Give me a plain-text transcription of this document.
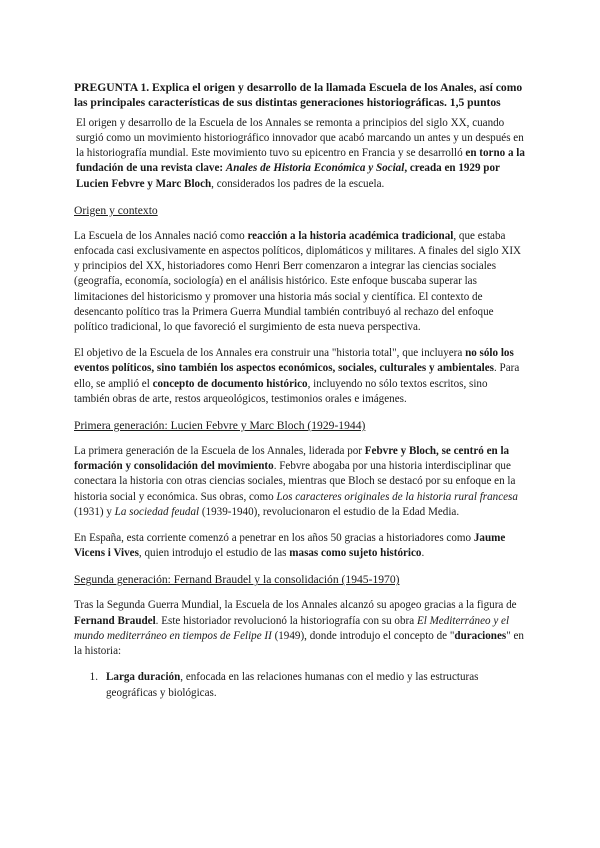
PREGUNTA 1. Explica el origen y desarrollo de la llamada Escuela de los Anales, así como las principales características de sus distintas generaciones historiográficas. 1,5 puntos

El origen y desarrollo de la Escuela de los Annales se remonta a principios del siglo XX, cuando surgió como un movimiento historiográfico innovador que acabó marcando un antes y un después en la historiografía mundial. Este movimiento tuvo su epicentro en Francia y se desarrolló en torno a la fundación de una revista clave: Anales de Historia Económica y Social, creada en 1929 por Lucien Febvre y Marc Bloch, considerados los padres de la escuela.

Origen y contexto

La Escuela de los Annales nació como reacción a la historia académica tradicional, que estaba enfocada casi exclusivamente en aspectos políticos, diplomáticos y militares. A finales del siglo XIX y principios del XX, historiadores como Henri Berr comenzaron a integrar las ciencias sociales (geografía, economía, sociología) en el análisis histórico. Este enfoque buscaba superar las limitaciones del historicismo y promover una historia más social y científica. El contexto de desencanto político tras la Primera Guerra Mundial también contribuyó al rechazo del enfoque político tradicional, lo que favoreció el surgimiento de esta nueva perspectiva.

El objetivo de la Escuela de los Annales era construir una "historia total", que incluyera no sólo los eventos políticos, sino también los aspectos económicos, sociales, culturales y ambientales. Para ello, se amplió el concepto de documento histórico, incluyendo no sólo textos escritos, sino también obras de arte, restos arqueológicos, testimonios orales e imágenes.

Primera generación: Lucien Febvre y Marc Bloch (1929-1944)

La primera generación de la Escuela de los Annales, liderada por Febvre y Bloch, se centró en la formación y consolidación del movimiento. Febvre abogaba por una historia interdisciplinar que conectara la historia con otras ciencias sociales, mientras que Bloch se destacó por su enfoque en la historia social y económica. Sus obras, como Los caracteres originales de la historia rural francesa (1931) y La sociedad feudal (1939-1940), revolucionaron el estudio de la Edad Media.

En España, esta corriente comenzó a penetrar en los años 50 gracias a historiadores como Jaume Vicens i Vives, quien introdujo el estudio de las masas como sujeto histórico.

Segunda generación: Fernand Braudel y la consolidación (1945-1970)

Tras la Segunda Guerra Mundial, la Escuela de los Annales alcanzó su apogeo gracias a la figura de Fernand Braudel. Este historiador revolucionó la historiografía con su obra El Mediterráneo y el mundo mediterráneo en tiempos de Felipe II (1949), donde introdujo el concepto de "duraciones" en la historia:

1. Larga duración, enfocada en las relaciones humanas con el medio y las estructuras geográficas y biológicas.
